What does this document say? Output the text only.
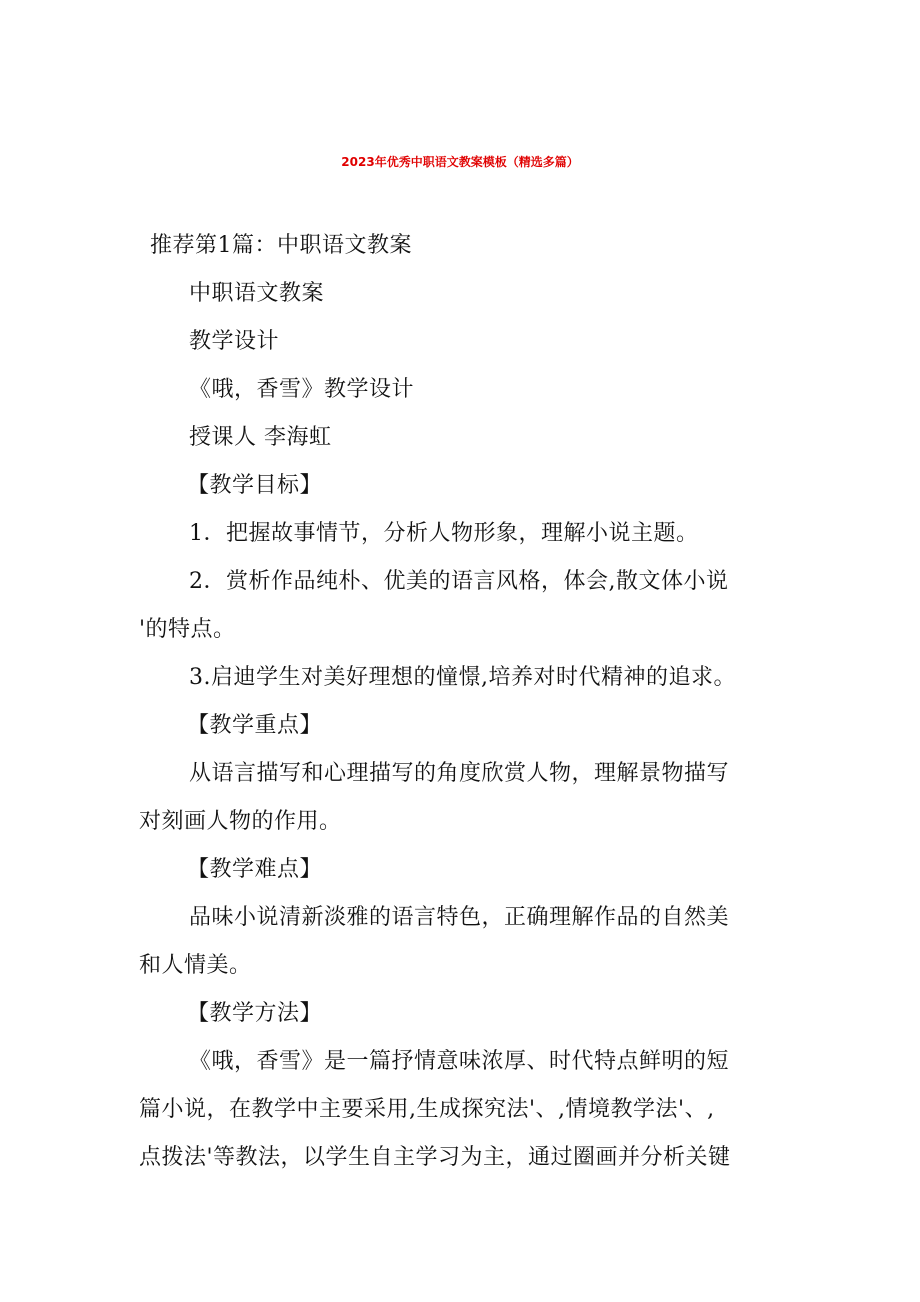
2023年优秀中职语文教案模板（精选多篇）
推荐第1篇：中职语文教案
中职语文教案
教学设计
《哦，香雪》教学设计
授课人 李海虹
【教学目标】
1．把握故事情节，分析人物形象，理解小说主题。
2．赏析作品纯朴、优美的语言风格，体会,散文体小说
'的特点。
3.启迪学生对美好理想的憧憬,培养对时代精神的追求。
【教学重点】
从语言描写和心理描写的角度欣赏人物，理解景物描写
对刻画人物的作用。
【教学难点】
品味小说清新淡雅的语言特色，正确理解作品的自然美
和人情美。
【教学方法】
《哦，香雪》是一篇抒情意味浓厚、时代特点鲜明的短
篇小说，在教学中主要采用,生成探究法'、,情境教学法'、,
点拨法'等教法，以学生自主学习为主，通过圈画并分析关键
